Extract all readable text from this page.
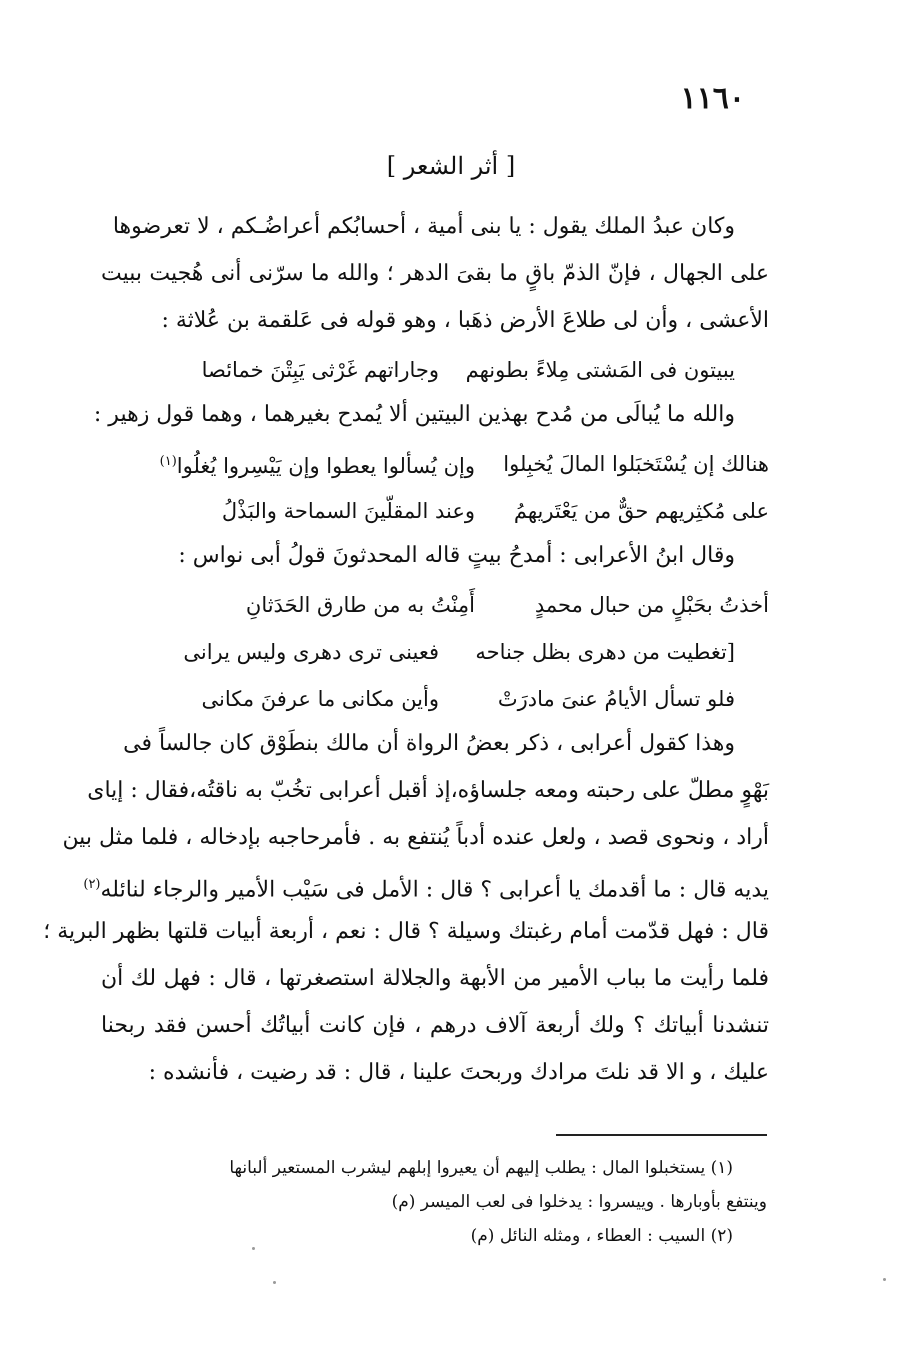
١١٦٠
[ أثر الشعر ]
وكان عبدُ الملك يقول : يا بنى أمية ، أحسابُكم أعراضُـكم ، لا تعرضوها
على الجهال ، فإنّ الذمّ باقٍ ما بقىَ الدهر ؛ والله ما سرّنى أنى هُجيت ببيت
الأعشى ، وأن لى طلاعَ الأرض ذهَبا ، وهو قوله فى عَلقمة بن عُلاثة :
يبيتون فى المَشتى مِلاءً بطونهم
وجاراتهم غَرْثى يَبِتْنَ خمائصا
والله ما يُبالَى من مُدح بهذين البيتين ألا يُمدح بغيرهما ، وهما قول زهير :
هنالك إن يُسْتَخبَلوا المالَ يُخبِلوا
وإن يُسألوا يعطوا وإن يَيْسِروا يُغلُوا$^{(١)}$
على مُكثِريهم حقٌّ من يَعْتَريهمُ
وعند المقلّينَ السماحة والبَذْلُ
وقال ابنُ الأعرابى : أمدحُ بيتٍ قاله المحدثونَ قولُ أبى نواس :
أخذتُ بحَبْلٍ من حبال محمدٍ
أَمِنْتُ به من طارق الحَدَثانِ
[تغطيت من دهرى بظل جناحه
فعينى ترى دهرى وليس يرانى
فلو تسأل الأيامُ عنىَ مادرَتْ
وأين مكانى ما عرفنَ مكانى
وهذا كقول أعرابى ، ذكر بعضُ الرواة أن مالك بنطَوْق كان جالساً فى
بَهْوٍ مطلّ على رحبته ومعه جلساؤه،إذ أقبل أعرابى تخُبّ به ناقتُه،فقال : إياى
أراد ، ونحوى قصد ، ولعل عنده أدباً يُنتفع به . فأمرحاجبه بإدخاله ، فلما مثل بين
يديه قال : ما أقدمك يا أعرابى ؟ قال : الأمل فى سَيْب الأمير والرجاء لنائله$^{(٢)}$
قال : فهل قدّمت أمام رغبتك وسيلة ؟ قال : نعم ، أربعة أبيات قلتها بظهر البرية ؛
فلما رأيت ما بباب الأمير من الأبهة والجلالة استصغرتها ، قال : فهل لك أن
تنشدنا أبياتك ؟ ولك أربعة آلاف درهم ، فإن كانت أبياتُك أحسن فقد ربحنا
عليك ، و الا قد نلتَ مرادك وربحتَ علينا ، قال : قد رضيت ، فأنشده :
(١) يستخبلوا المال : يطلب إليهم أن يعيروا إبلهم ليشرب المستعير ألبانها
وينتفع بأوبارها . وييسروا : يدخلوا فى لعب الميسر (م)
(٢) السيب : العطاء ، ومثله النائل (م)
